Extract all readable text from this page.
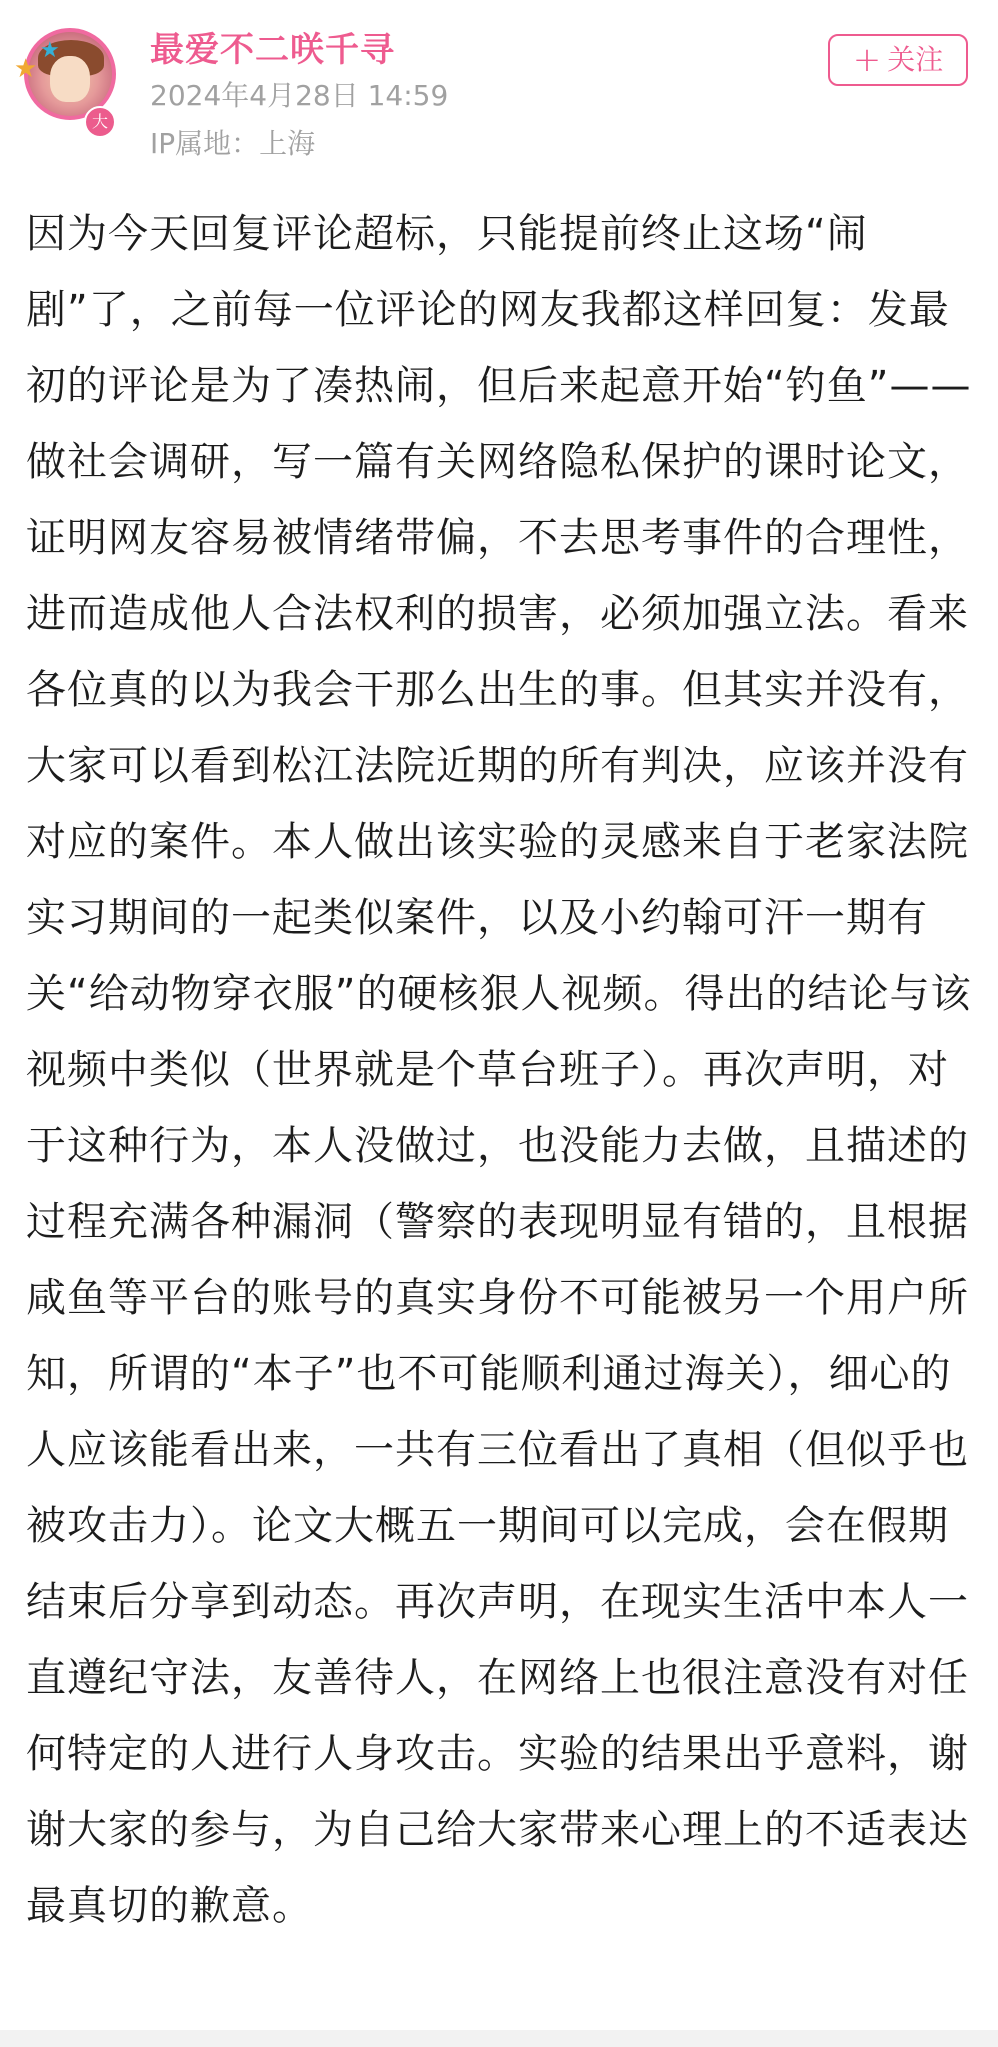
★
★
大
最爱不二咲千寻
2024年4月28日 14:59
IP属地：上海
+ 关注
因为今天回复评论超标，只能提前终止这场“闹剧”了，之前每一位评论的网友我都这样回复：发最初的评论是为了凑热闹，但后来起意开始“钓鱼”——做社会调研，写一篇有关网络隐私保护的课时论文，证明网友容易被情绪带偏，不去思考事件的合理性，进而造成他人合法权利的损害，必须加强立法。看来各位真的以为我会干那么出生的事。但其实并没有，大家可以看到松江法院近期的所有判决，应该并没有对应的案件。本人做出该实验的灵感来自于老家法院实习期间的一起类似案件，以及小约翰可汗一期有关“给动物穿衣服”的硬核狠人视频。得出的结论与该视频中类似（世界就是个草台班子）。再次声明，对于这种行为，本人没做过，也没能力去做，且描述的过程充满各种漏洞（警察的表现明显有错的，且根据咸鱼等平台的账号的真实身份不可能被另一个用户所知，所谓的“本子”也不可能顺利通过海关），细心的人应该能看出来，一共有三位看出了真相（但似乎也被攻击力）。论文大概五一期间可以完成，会在假期结束后分享到动态。再次声明，在现实生活中本人一直遵纪守法，友善待人，在网络上也很注意没有对任何特定的人进行人身攻击。实验的结果出乎意料，谢谢大家的参与，为自己给大家带来心理上的不适表达最真切的歉意。
